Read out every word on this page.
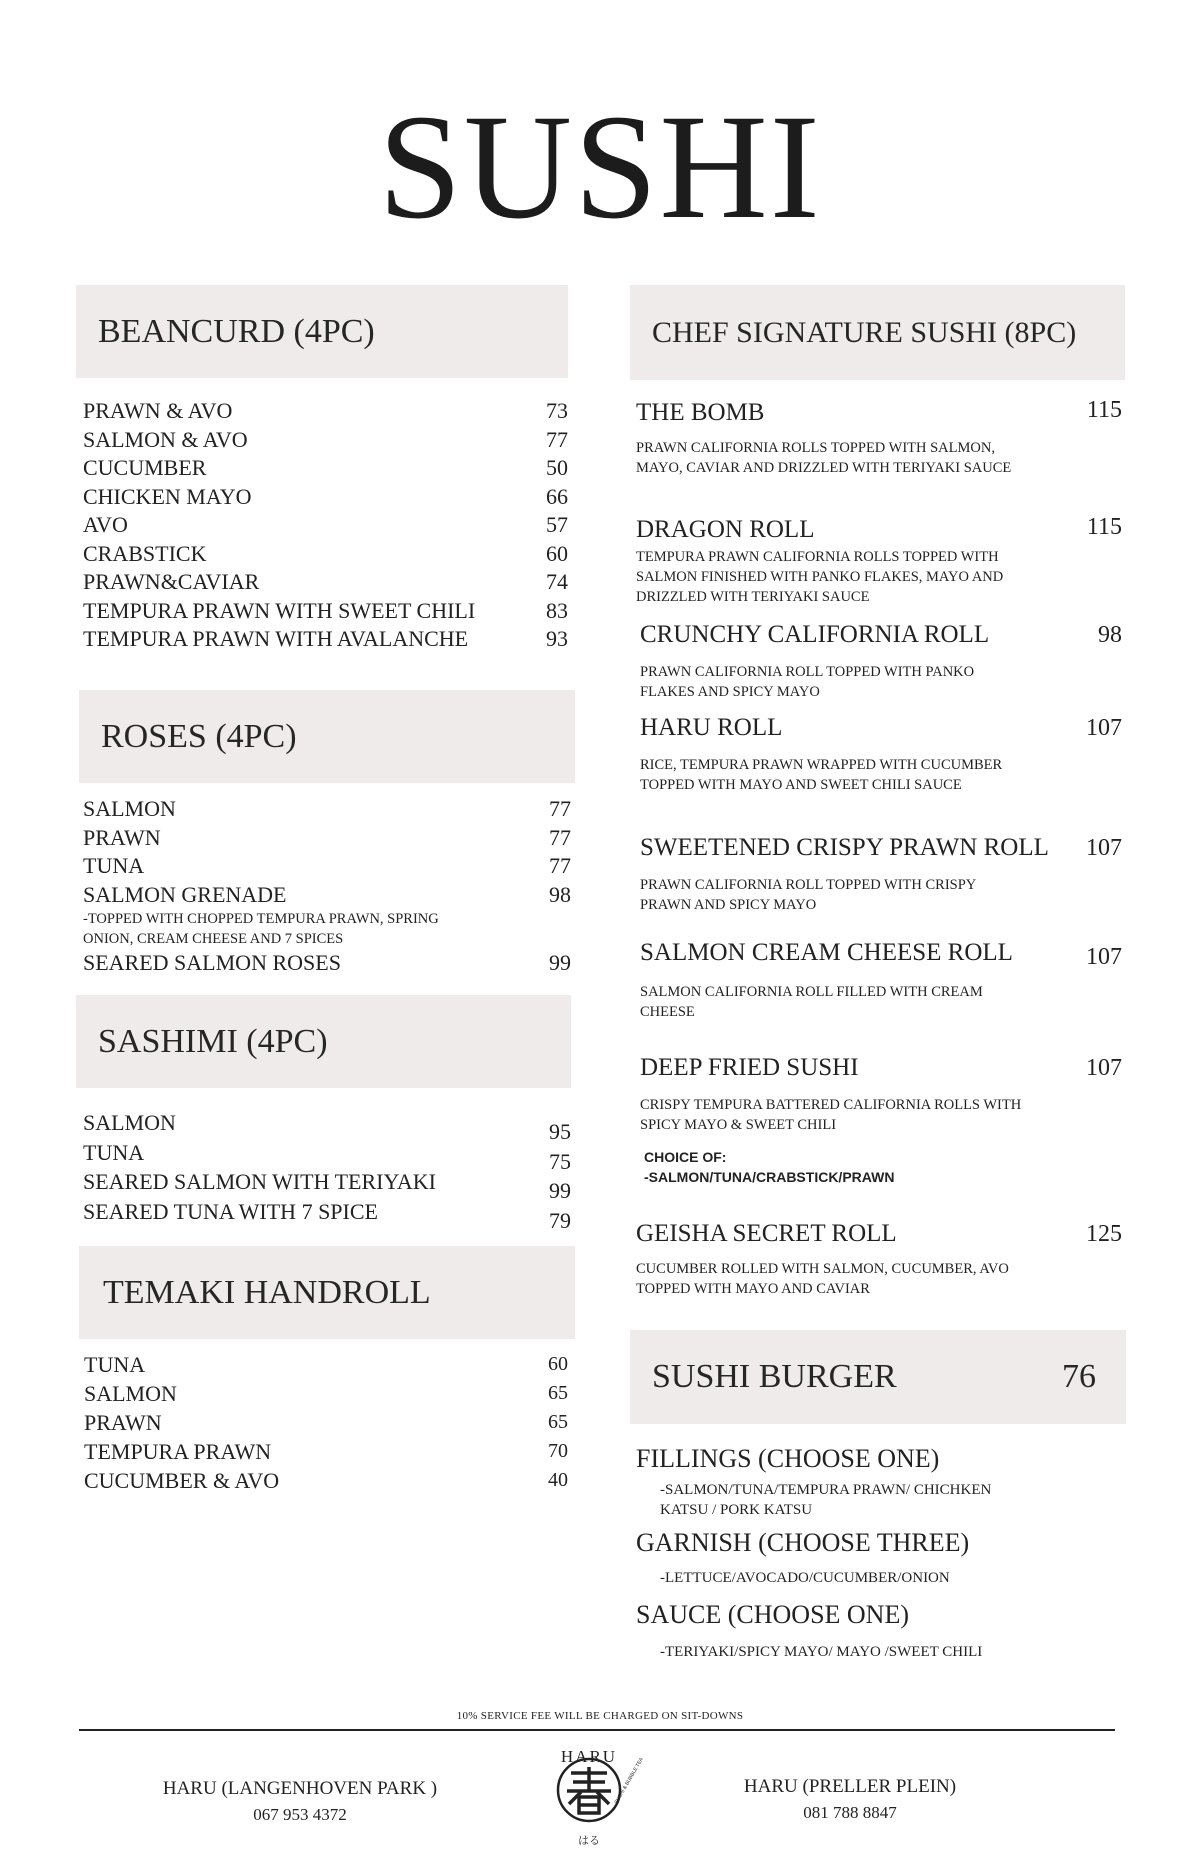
SUSHI
BEANCURD (4PC)
PRAWN & AVO	73
SALMON & AVO	77
CUCUMBER	50
CHICKEN MAYO	66
AVO	57
CRABSTICK	60
PRAWN&CAVIAR	74
TEMPURA PRAWN WITH SWEET CHILI	83
TEMPURA PRAWN WITH AVALANCHE	93
ROSES (4PC)
SALMON	77
PRAWN	77
TUNA	77
SALMON GRENADE	98
-TOPPED WITH CHOPPED TEMPURA PRAWN, SPRING ONION, CREAM CHEESE AND 7 SPICES
SEARED SALMON ROSES	99
SASHIMI (4PC)
SALMON	95
TUNA	75
SEARED SALMON WITH TERIYAKI	99
SEARED TUNA WITH 7 SPICE	79
TEMAKI HANDROLL
TUNA	60
SALMON	65
PRAWN	65
TEMPURA PRAWN	70
CUCUMBER & AVO	40
CHEF SIGNATURE SUSHI (8PC)
THE BOMB	115
PRAWN CALIFORNIA ROLLS TOPPED WITH SALMON, MAYO, CAVIAR AND DRIZZLED WITH TERIYAKI SAUCE
DRAGON ROLL	115
TEMPURA PRAWN CALIFORNIA ROLLS TOPPED WITH SALMON FINISHED WITH PANKO FLAKES, MAYO AND DRIZZLED WITH TERIYAKI SAUCE
CRUNCHY CALIFORNIA ROLL	98
PRAWN CALIFORNIA ROLL TOPPED WITH PANKO FLAKES AND SPICY MAYO
HARU ROLL	107
RICE, TEMPURA PRAWN WRAPPED WITH CUCUMBER TOPPED WITH MAYO AND SWEET CHILI SAUCE
SWEETENED CRISPY PRAWN ROLL 107
PRAWN CALIFORNIA ROLL TOPPED WITH CRISPY PRAWN AND SPICY MAYO
SALMON CREAM CHEESE ROLL	107
SALMON CALIFORNIA ROLL FILLED WITH CREAM CHEESE
DEEP FRIED SUSHI	107
CRISPY TEMPURA BATTERED CALIFORNIA ROLLS WITH SPICY MAYO & SWEET CHILI
CHOICE OF:
-SALMON/TUNA/CRABSTICK/PRAWN
GEISHA SECRET ROLL	125
CUCUMBER ROLLED WITH SALMON, CUCUMBER, AVO TOPPED WITH MAYO AND CAVIAR
SUSHI BURGER	76
FILLINGS (CHOOSE ONE)
-SALMON/TUNA/TEMPURA PRAWN/ CHICHKEN KATSU / PORK KATSU
GARNISH (CHOOSE THREE)
-LETTUCE/AVOCADO/CUCUMBER/ONION
SAUCE (CHOOSE ONE)
-TERIYAKI/SPICY MAYO/ MAYO /SWEET CHILI
10% SERVICE FEE WILL BE CHARGED ON SIT-DOWNS
HARU (LANGENHOVEN PARK )
067 953 4372
HARU
SUSHI & BUBBLE TEA
はる
HARU (PRELLER PLEIN)
081 788 8847
